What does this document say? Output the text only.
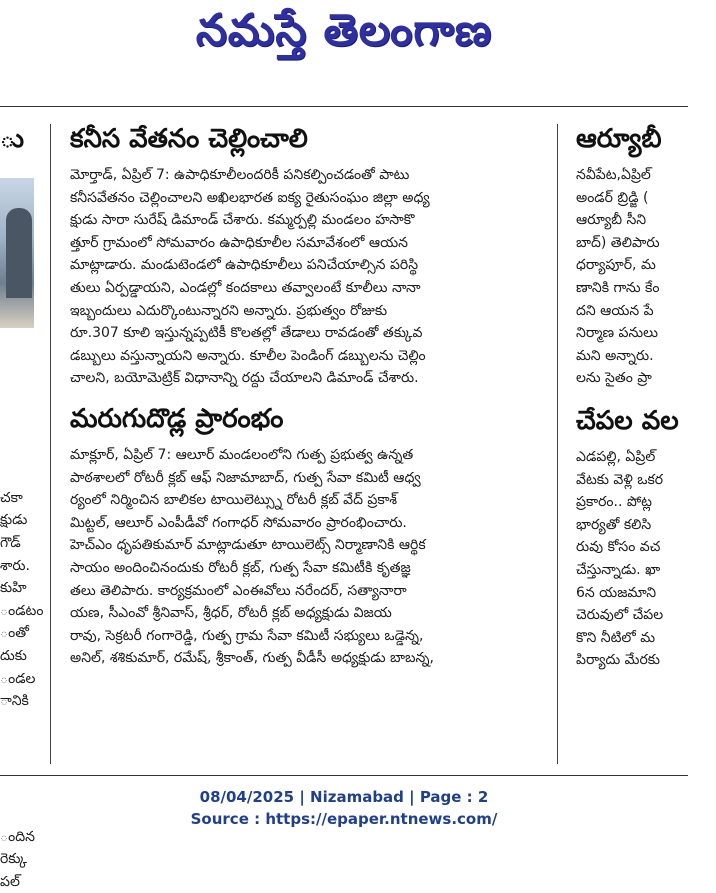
నమస్తే తెలంగాణ
ు

చకా
క్షుడు
గౌడ్
శారు.
కుహి
ండటం
ంతో
దుకు
ండల
ానికి

ందిన
రెక్కు
పల్
కనీస వేతనం చెల్లించాలి
మోర్తాడ్, ఏప్రిల్ 7: ఉపాధికూలీలందరికీ పనికల్పించడంతో పాటు
కనీసవేతనం చెల్లించాలని అఖిలభారత ఐక్య రైతుసంఘం జిల్లా అధ్య
క్షుడు సారా సురేష్ డిమాండ్ చేశారు. కమ్మర్పల్లి మండలం హసాకొ
త్తూర్ గ్రామంలో సోమవారం ఉపాధికూలీల సమావేశంలో ఆయన
మాట్లాడారు. మండుటెండలో ఉపాధికూలీలు పనిచేయాల్సిన పరిస్థి
తులు ఏర్పడ్డాయని, ఎండల్లో కందకాలు తవ్వాలంటే కూలీలు నానా
ఇబ్బందులు ఎదుర్కొంటున్నారని అన్నారు. ప్రభుత్వం రోజుకు
రూ.307 కూలి ఇస్తున్నప్పటికీ కొలతల్లో తేడాలు రావడంతో తక్కువ
డబ్బులు వస్తున్నాయని అన్నారు. కూలీల పెండింగ్ డబ్బులను చెల్లిం
చాలని, బయోమెట్రిక్ విధానాన్ని రద్దు చేయాలని డిమాండ్ చేశారు.
మరుగుదొడ్ల ప్రారంభం
మాక్లూర్, ఏప్రిల్ 7: ఆలూర్ మండలంలోని గుత్ప ప్రభుత్వ ఉన్నత
పాఠశాలలో రోటరీ క్లబ్ ఆఫ్ నిజామాబాద్, గుత్ప సేవా కమిటీ ఆధ్వ
ర్యంలో నిర్మించిన బాలికల టాయిలెట్స్ను రోటరీ క్లబ్ వేద్ ప్రకాశ్
మిట్టల్, ఆలూర్ ఎంపీడీవో గంగాధర్ సోమవారం ప్రారంభించారు.
హెచ్ఎం ధృపతికుమార్ మాట్లాడుతూ టాయిలెట్స్ నిర్మాణానికి ఆర్థిక
సాయం అందించినందుకు రోటరీ క్లబ్, గుత్ప సేవా కమిటీకి కృతజ్ఞ
తలు తెలిపారు. కార్యక్రమంలో ఎంఈవోలు నరేందర్, సత్యానారా
యణ, సీఎంవో శ్రీనివాస్, శ్రీధర్, రోటరీ క్లబ్ అధ్యక్షుడు విజయ
రావు, సెక్రటరీ గంగారెడ్డి, గుత్ప గ్రామ సేవా కమిటీ సభ్యులు ఒడ్డెన్న,
అనిల్, శశికుమార్, రమేష్, శ్రీకాంత్, గుత్ప వీడీసీ అధ్యక్షుడు బాబన్న,
ఆర్యూబీ
నవీపేట,ఏప్రిల్
అండర్ బ్రిడ్జి (
ఆర్యూబీ సీని
బాద్) తెలిపారు
ధర్యాపూర్, మ
ణానికి గాను కేం
దని ఆయన పే
నిర్మాణ పనులు
మని అన్నారు.
లను సైతం ప్రా
చేపల వల
ఎడపల్లి, ఏప్రిల్
వేటకు వెళ్లి ఒకర
ప్రకారం.. పోట్ల
భార్యతో కలిసి
రువు కోసం వచ
చేస్తున్నాడు. ఖా
6న యజమాని
చెరువులో చేపల
కొని నీటిలో మ
పిర్యాదు మేరకు
08/04/2025 | Nizamabad | Page : 2
Source : https://epaper.ntnews.com/
